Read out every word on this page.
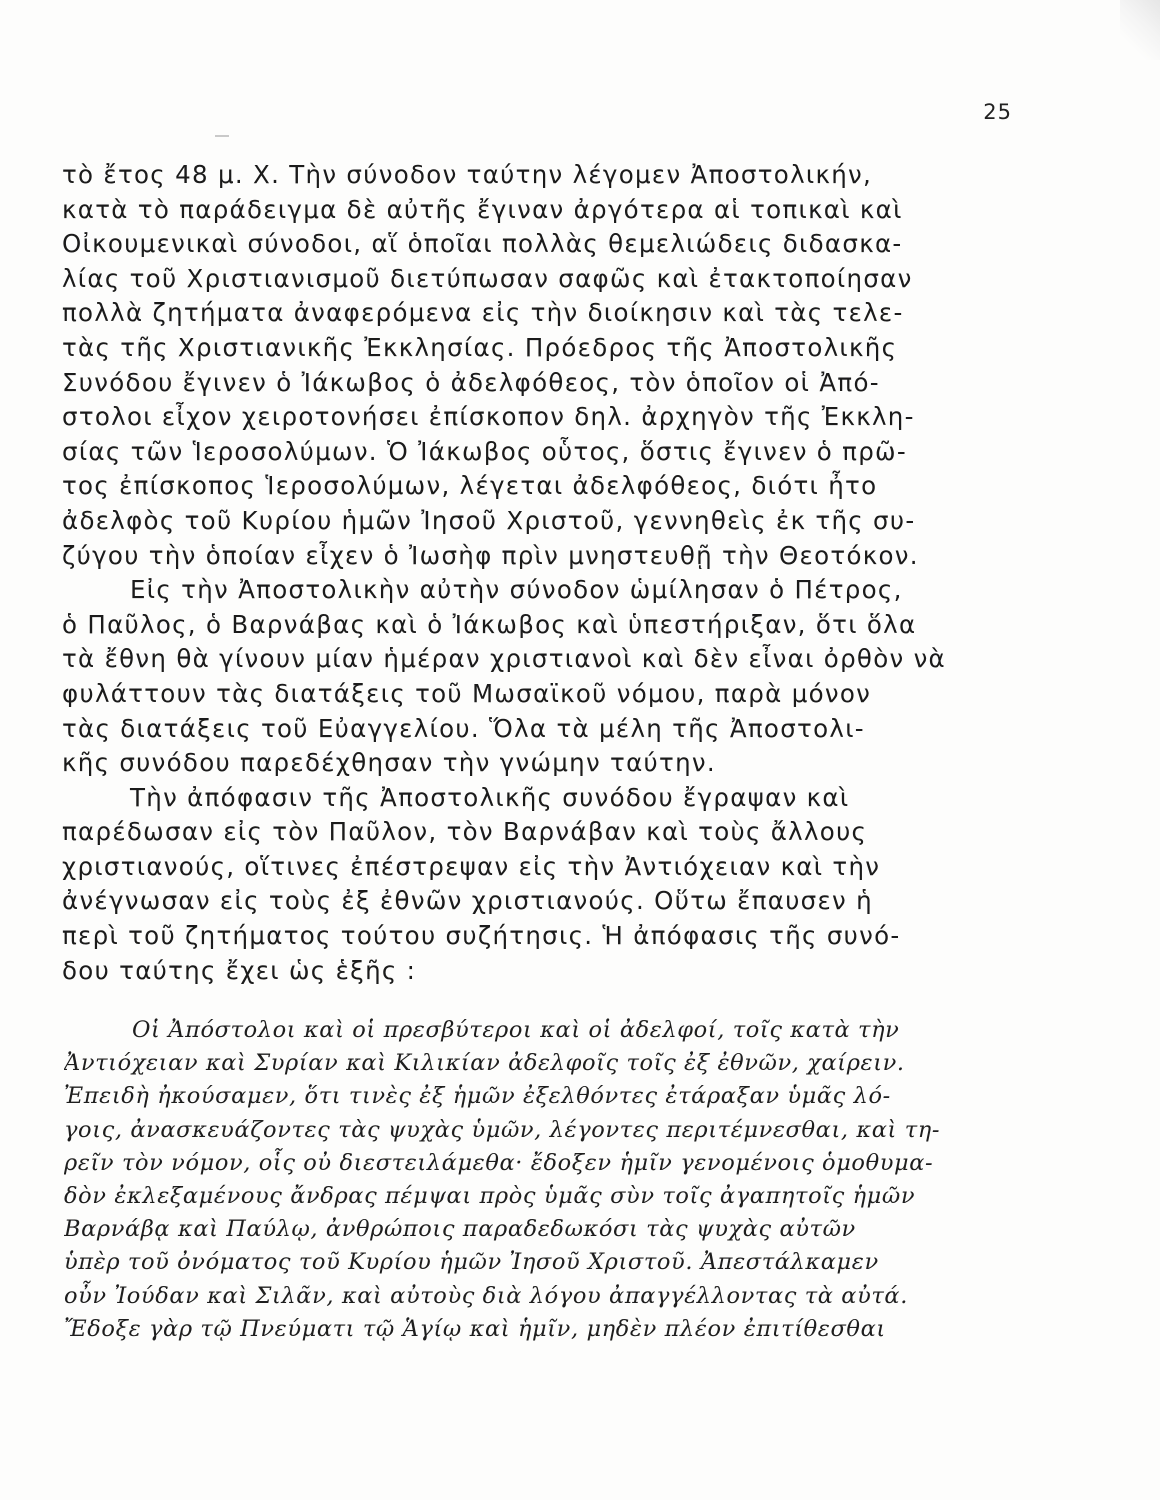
25
τὸ ἔτος 48 μ. Χ. Τὴν σύνοδον ταύτην λέγομεν Ἀποστολικήν,
κατὰ τὸ παράδειγμα δὲ αὐτῆς ἔγιναν ἀργότερα αἱ τοπικαὶ καὶ
Οἰκουμενικαὶ σύνοδοι, αἵ ὁποῖαι πολλὰς θεμελιώδεις διδασκα-
λίας τοῦ Χριστιανισμοῦ διετύπωσαν σαφῶς καὶ ἐτακτοποίησαν
πολλὰ ζητήματα ἀναφερόμενα εἰς τὴν διοίκησιν καὶ τὰς τελε-
τὰς τῆς Χριστιανικῆς Ἐκκλησίας. Πρόεδρος τῆς Ἀποστολικῆς
Συνόδου ἔγινεν ὁ Ἰάκωβος ὁ ἀδελφόθεος, τὸν ὁποῖον οἱ Ἀπό-
στολοι εἶχον χειροτονήσει ἐπίσκοπον δηλ. ἀρχηγὸν τῆς Ἐκκλη-
σίας τῶν Ἱεροσολύμων. Ὁ Ἰάκωβος οὗτος, ὅστις ἔγινεν ὁ πρῶ-
τος ἐπίσκοπος Ἱεροσολύμων, λέγεται ἀδελφόθεος, διότι ἦτο
ἀδελφὸς τοῦ Κυρίου ἡμῶν Ἰησοῦ Χριστοῦ, γεννηθεὶς ἐκ τῆς συ-
ζύγου τὴν ὁποίαν εἶχεν ὁ Ἰωσὴφ πρὶν μνηστευθῇ τὴν Θεοτόκον.
Εἰς τὴν Ἀποστολικὴν αὐτὴν σύνοδον ὡμίλησαν ὁ Πέτρος,
ὁ Παῦλος, ὁ Βαρνάβας καὶ ὁ Ἰάκωβος καὶ ὑπεστήριξαν, ὅτι ὅλα
τὰ ἔθνη θὰ γίνουν μίαν ἡμέραν χριστιανοὶ καὶ δὲν εἶναι ὀρθὸν νὰ
φυλάττουν τὰς διατάξεις τοῦ Μωσαϊκοῦ νόμου, παρὰ μόνον
τὰς διατάξεις τοῦ Εὐαγγελίου. Ὅλα τὰ μέλη τῆς Ἀποστολι-
κῆς συνόδου παρεδέχθησαν τὴν γνώμην ταύτην.
Τὴν ἀπόφασιν τῆς Ἀποστολικῆς συνόδου ἔγραψαν καὶ
παρέδωσαν εἰς τὸν Παῦλον, τὸν Βαρνάβαν καὶ τοὺς ἄλλους
χριστιανούς, οἵτινες ἐπέστρεψαν εἰς τὴν Ἀντιόχειαν καὶ τὴν
ἀνέγνωσαν εἰς τοὺς ἐξ ἐθνῶν χριστιανούς. Οὕτω ἔπαυσεν ἡ
περὶ τοῦ ζητήματος τούτου συζήτησις. Ἡ ἀπόφασις τῆς συνό-
δου ταύτης ἔχει ὡς ἑξῆς :
Οἱ Ἀπόστολοι καὶ οἱ πρεσβύτεροι καὶ οἱ ἀδελφοί, τοῖς κατὰ τὴν
Ἀντιόχειαν καὶ Συρίαν καὶ Κιλικίαν ἀδελφοῖς τοῖς ἐξ ἐθνῶν, χαίρειν.
Ἐπειδὴ ἠκούσαμεν, ὅτι τινὲς ἐξ ἡμῶν ἐξελθόντες ἐτάραξαν ὑμᾶς λό-
γοις, ἀνασκευάζοντες τὰς ψυχὰς ὑμῶν, λέγοντες περιτέμνεσθαι, καὶ τη-
ρεῖν τὸν νόμον, οἷς οὐ διεστειλάμεθα· ἔδοξεν ἡμῖν γενομένοις ὁμοθυμα-
δὸν ἐκλεξαμένους ἄνδρας πέμψαι πρὸς ὑμᾶς σὺν τοῖς ἀγαπητοῖς ἡμῶν
Βαρνάβᾳ καὶ Παύλῳ, ἀνθρώποις παραδεδωκόσι τὰς ψυχὰς αὐτῶν
ὑπὲρ τοῦ ὀνόματος τοῦ Κυρίου ἡμῶν Ἰησοῦ Χριστοῦ. Ἀπεστάλκαμεν
οὖν Ἰούδαν καὶ Σιλᾶν, καὶ αὐτοὺς διὰ λόγου ἀπαγγέλλοντας τὰ αὐτά.
Ἔδοξε γὰρ τῷ Πνεύματι τῷ Ἁγίῳ καὶ ἡμῖν, μηδὲν πλέον ἐπιτίθεσθαι
